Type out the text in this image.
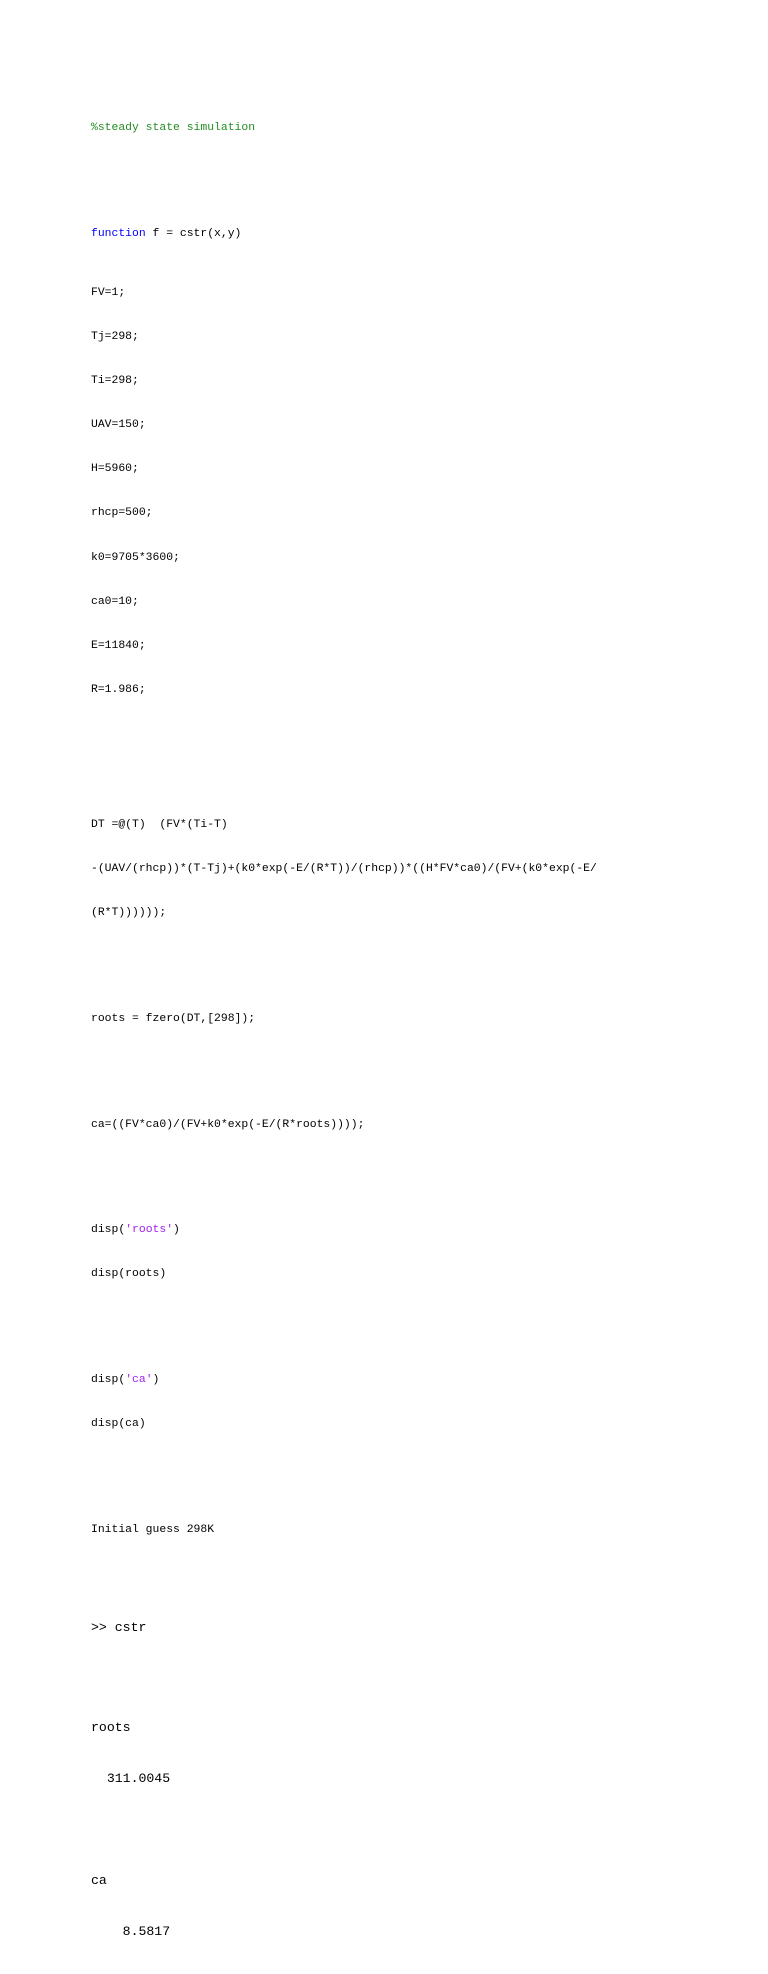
%steady state simulation

function f = cstr(x,y)

FV=1;

Tj=298;

Ti=298;

UAV=150;

H=5960;

rhcp=500;

k0=9705*3600;

ca0=10;

E=11840;

R=1.986;

DT =@(T)  (FV*(Ti-T)

-(UAV/(rhcp))*(T-Tj)+(k0*exp(-E/(R*T))/(rhcp))*((H*FV*ca0)/(FV+(k0*exp(-E/

(R*T))))));

roots = fzero(DT,[298]);

ca=((FV*ca0)/(FV+k0*exp(-E/(R*roots))));

disp('roots')

disp(roots)

disp('ca')

disp(ca)

Initial guess 298K

>> cstr

roots

311.0045

ca

8.5817
